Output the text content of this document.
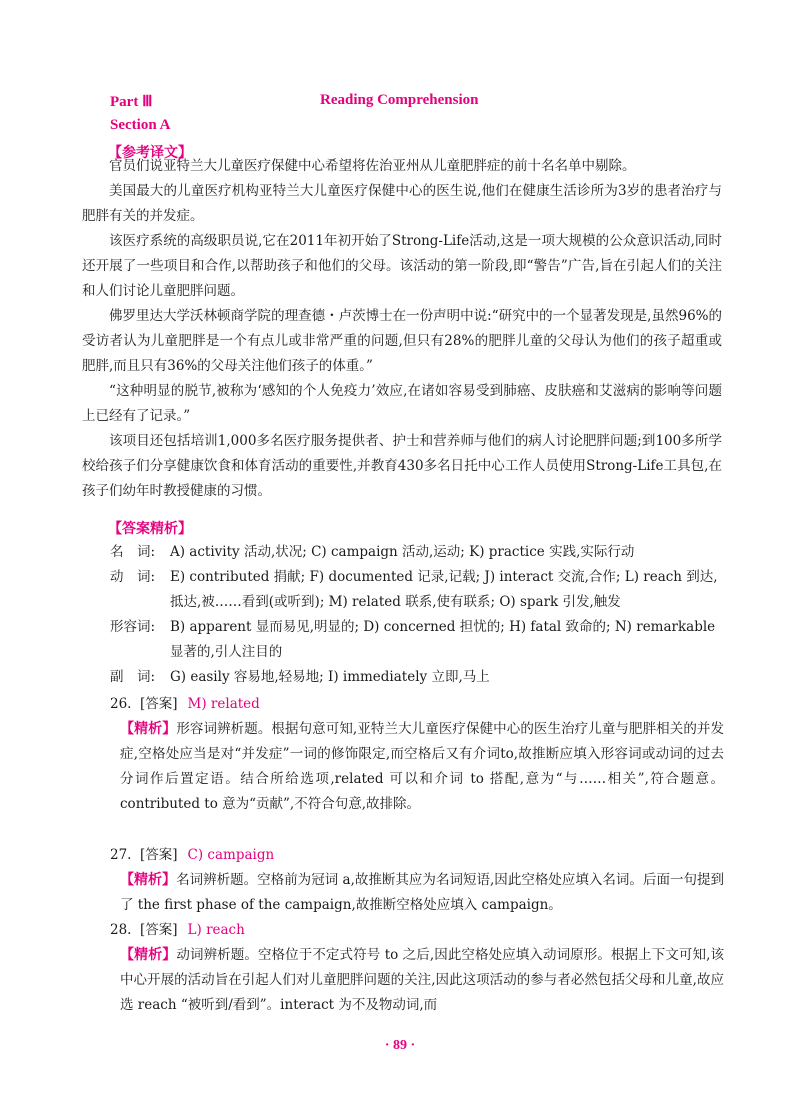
Part Ⅲ	Reading Comprehension
Section A
【参考译文】

官员们说亚特兰大儿童医疗保健中心希望将佐治亚州从儿童肥胖症的前十名名单中剔除。

美国最大的儿童医疗机构亚特兰大儿童医疗保健中心的医生说,他们在健康生活诊所为3岁的患者治疗与肥胖有关的并发症。

该医疗系统的高级职员说,它在2011年初开始了Strong-Life活动,这是一项大规模的公众意识活动,同时还开展了一些项目和合作,以帮助孩子和他们的父母。该活动的第一阶段,即“警告”广告,旨在引起人们的关注和人们讨论儿童肥胖问题。

佛罗里达大学沃林顿商学院的理查德・卢茨博士在一份声明中说:“研究中的一个显著发现是,虽然96%的受访者认为儿童肥胖是一个有点儿或非常严重的问题,但只有28%的肥胖儿童的父母认为他们的孩子超重或肥胖,而且只有36%的父母关注他们孩子的体重。”

“这种明显的脱节,被称为‘感知的个人免疫力’效应,在诸如容易受到肺癌、皮肤癌和艾滋病的影响等问题上已经有了记录。”

该项目还包括培训1,000多名医疗服务提供者、护士和营养师与他们的病人讨论肥胖问题;到100多所学校给孩子们分享健康饮食和体育活动的重要性,并教育430多名日托中心工作人员使用Strong-Life工具包,在孩子们幼年时教授健康的习惯。

【答案精析】
名　词:	A) activity 活动,状况; C) campaign 活动,运动; K) practice 实践,实际行动
动　词:	E) contributed 捐献; F) documented 记录,记载; J) interact 交流,合作; L) reach 到达,抵达,被……看到(或听到); M) related 联系,使有联系; O) spark 引发,触发
形容词:	B) apparent 显而易见,明显的; D) concerned 担忧的; H) fatal 致命的; N) remarkable 显著的,引人注目的
副　词:	G) easily 容易地,轻易地; I) immediately 立即,马上
26. [答案] M) related
【精析】形容词辨析题。根据句意可知,亚特兰大儿童医疗保健中心的医生治疗儿童与肥胖相关的并发症,空格处应当是对“并发症”一词的修饰限定,而空格后又有介词to,故推断应填入形容词或动词的过去分词作后置定语。结合所给选项,related 可以和介词 to 搭配,意为“与……相关”,符合题意。contributed to 意为“贡献”,不符合句意,故排除。
27. [答案] C) campaign
【精析】名词辨析题。空格前为冠词 a,故推断其应为名词短语,因此空格处应填入名词。后面一句提到了 the first phase of the campaign,故推断空格处应填入 campaign。
28. [答案] L) reach
【精析】动词辨析题。空格位于不定式符号 to 之后,因此空格处应填入动词原形。根据上下文可知,该中心开展的活动旨在引起人们对儿童肥胖问题的关注,因此这项活动的参与者必然包括父母和儿童,故应选 reach “被听到/看到”。interact 为不及物动词,而
· 89 ·
